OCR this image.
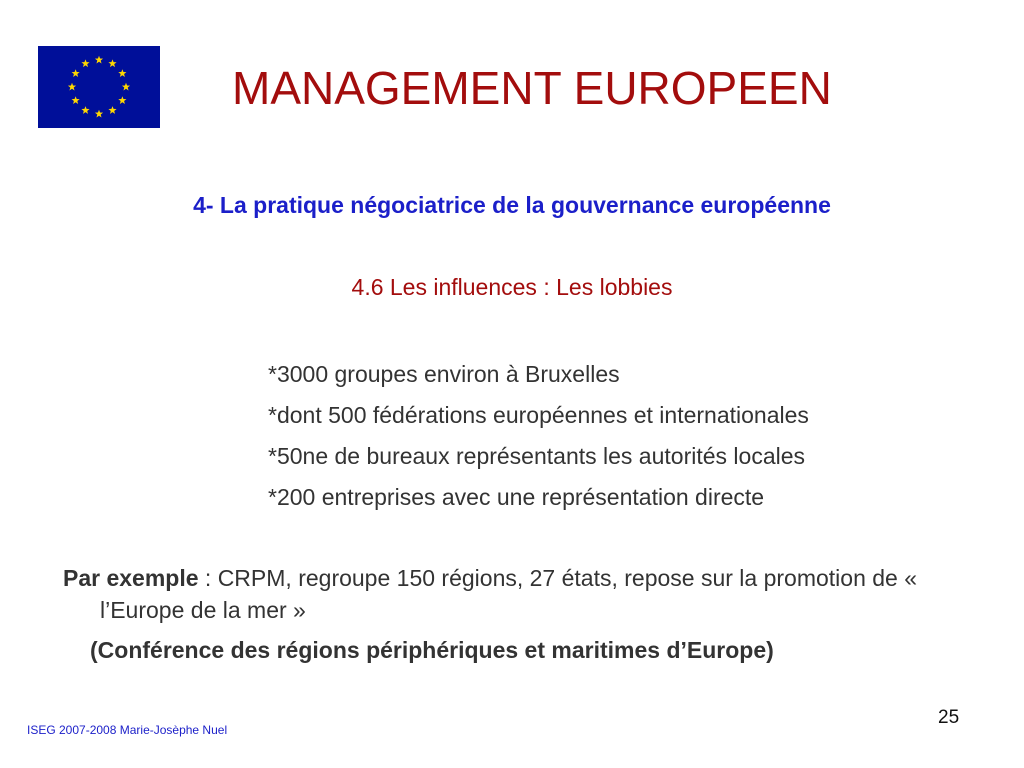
MANAGEMENT EUROPEEN
4- La pratique négociatrice de la gouvernance européenne
4.6 Les influences : Les lobbies
*3000 groupes environ à Bruxelles
*dont 500 fédérations européennes et internationales
*50ne de bureaux représentants les autorités locales
*200 entreprises avec une représentation directe
Par exemple : CRPM, regroupe 150 régions, 27 états, repose sur la promotion de « l’Europe de la mer »
(Conférence des régions périphériques et maritimes d’Europe)
ISEG 2007-2008 Marie-Josèphe Nuel
25
